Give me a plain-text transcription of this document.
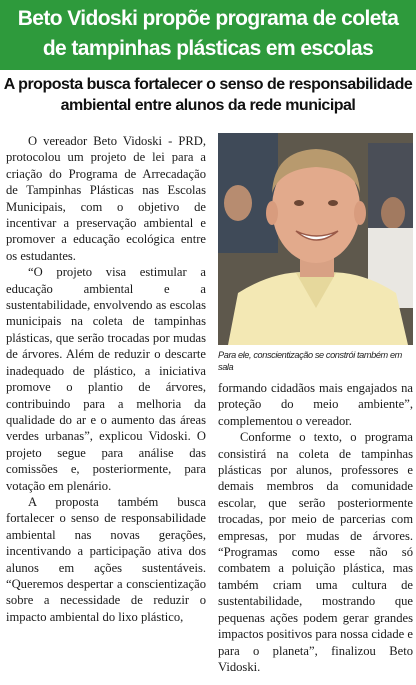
Beto Vidoski propõe programa de coleta
de tampinhas plásticas em escolas
A proposta busca fortalecer o senso de responsabilidade
ambiental entre alunos da rede municipal

O vereador Beto Vidoski - PRD, protocolou um projeto de lei para a criação do Programa de Arrecadação de Tampinhas Plásticas nas Escolas Municipais, com o objetivo de incentivar a preservação ambiental e promover a educação ecológica entre os estudantes.

“O projeto visa estimular a educação ambiental e a sustentabilidade, envolvendo as escolas municipais na coleta de tampinhas plásticas, que serão trocadas por mudas de árvores. Além de reduzir o descarte inadequado de plástico, a iniciativa promove o plantio de árvores, contribuindo para a melhoria da qualidade do ar e o aumento das áreas verdes urbanas”, explicou Vidoski. O projeto segue para análise das comissões e, posteriormente, para votação em plenário.

A proposta também busca fortalecer o senso de responsabilidade ambiental nas novas gerações, incentivando a participação ativa dos alunos em ações sustentáveis. “Queremos despertar a conscientização sobre a necessidade de reduzir o impacto ambiental do lixo plástico,

Para ele, conscientização se constrói também em sala

formando cidadãos mais engajados na proteção do meio ambiente”, complementou o vereador.

Conforme o texto, o programa consistirá na coleta de tampinhas plásticas por alunos, professores e demais membros da comunidade escolar, que serão posteriormente trocadas, por meio de parcerias com empresas, por mudas de árvores. “Programas como esse não só combatem a poluição plástica, mas também criam uma cultura de sustentabilidade, mostrando que pequenas ações podem gerar grandes impactos positivos para nossa cidade e para o planeta”, finalizou Beto Vidoski.
